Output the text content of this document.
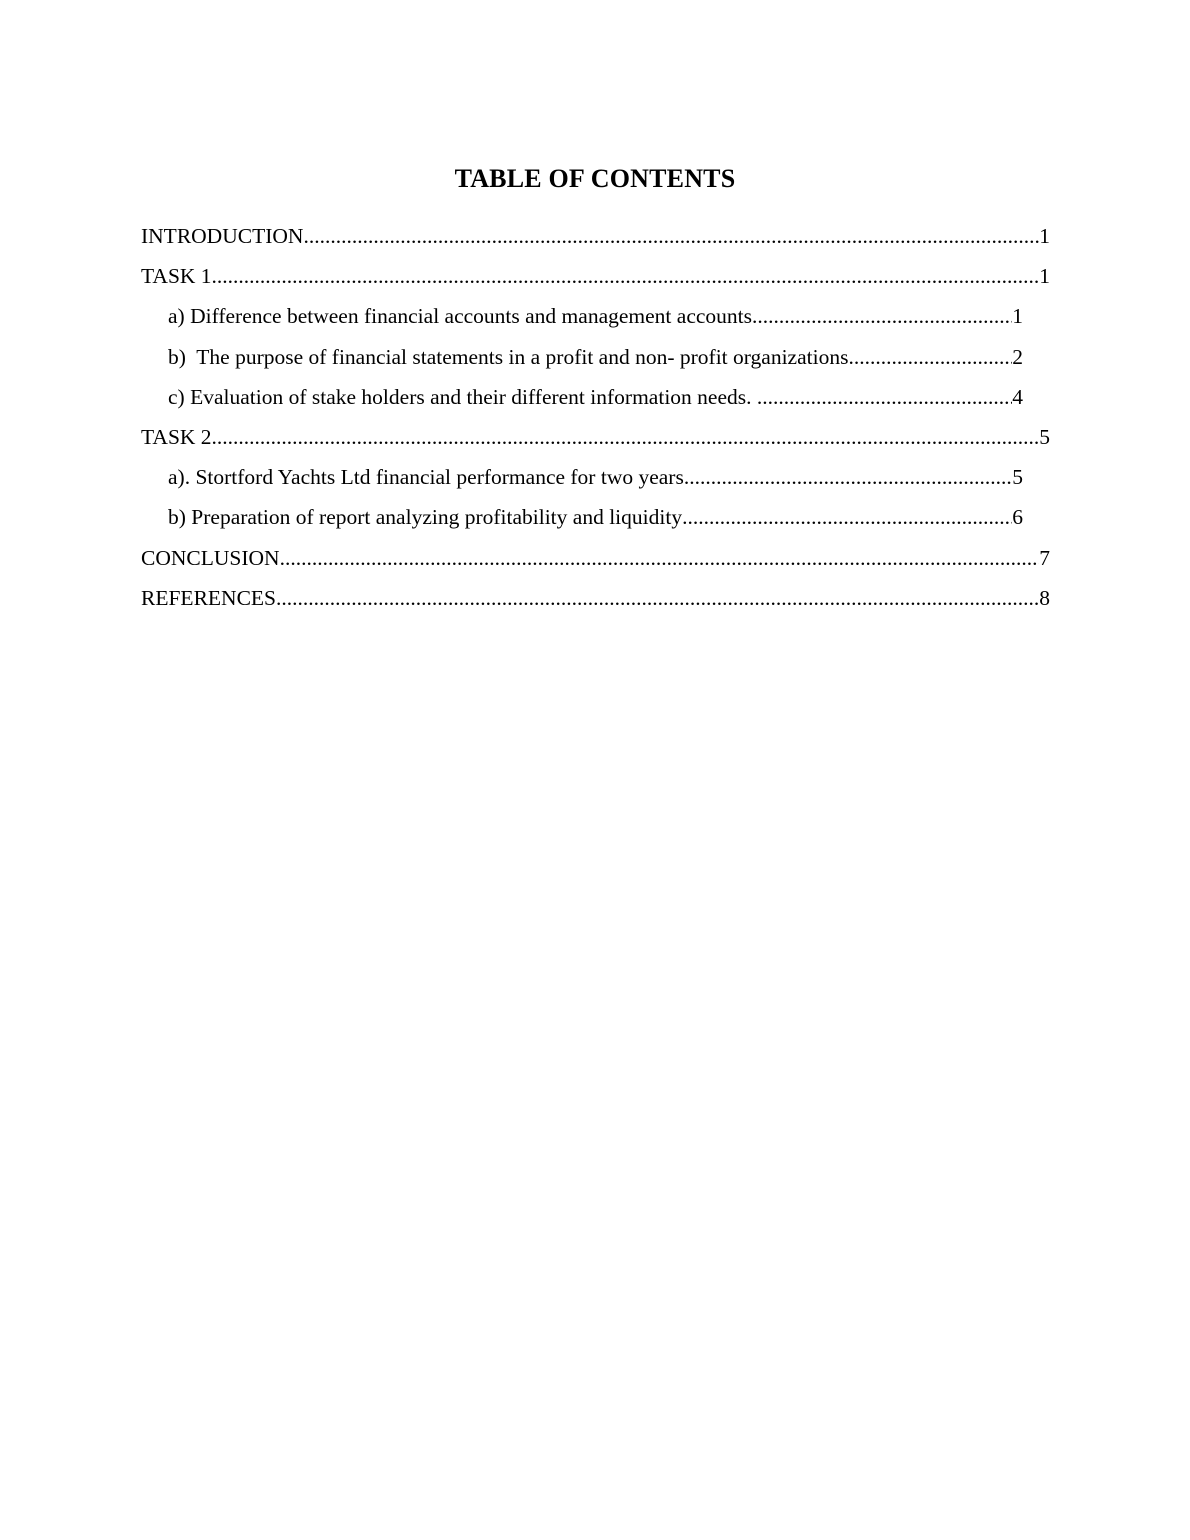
TABLE OF CONTENTS
INTRODUCTION .....	1
TASK 1 .....	1
a) Difference between financial accounts and management accounts .....	1
b)  The purpose of financial statements in a profit and non- profit organizations .....	2
c) Evaluation of stake holders and their different information needs. .....	4
TASK 2 .....	5
a). Stortford Yachts Ltd financial performance for two years .....	5
b) Preparation of report analyzing profitability and liquidity .....	6
CONCLUSION .....	7
REFERENCES .....	8
